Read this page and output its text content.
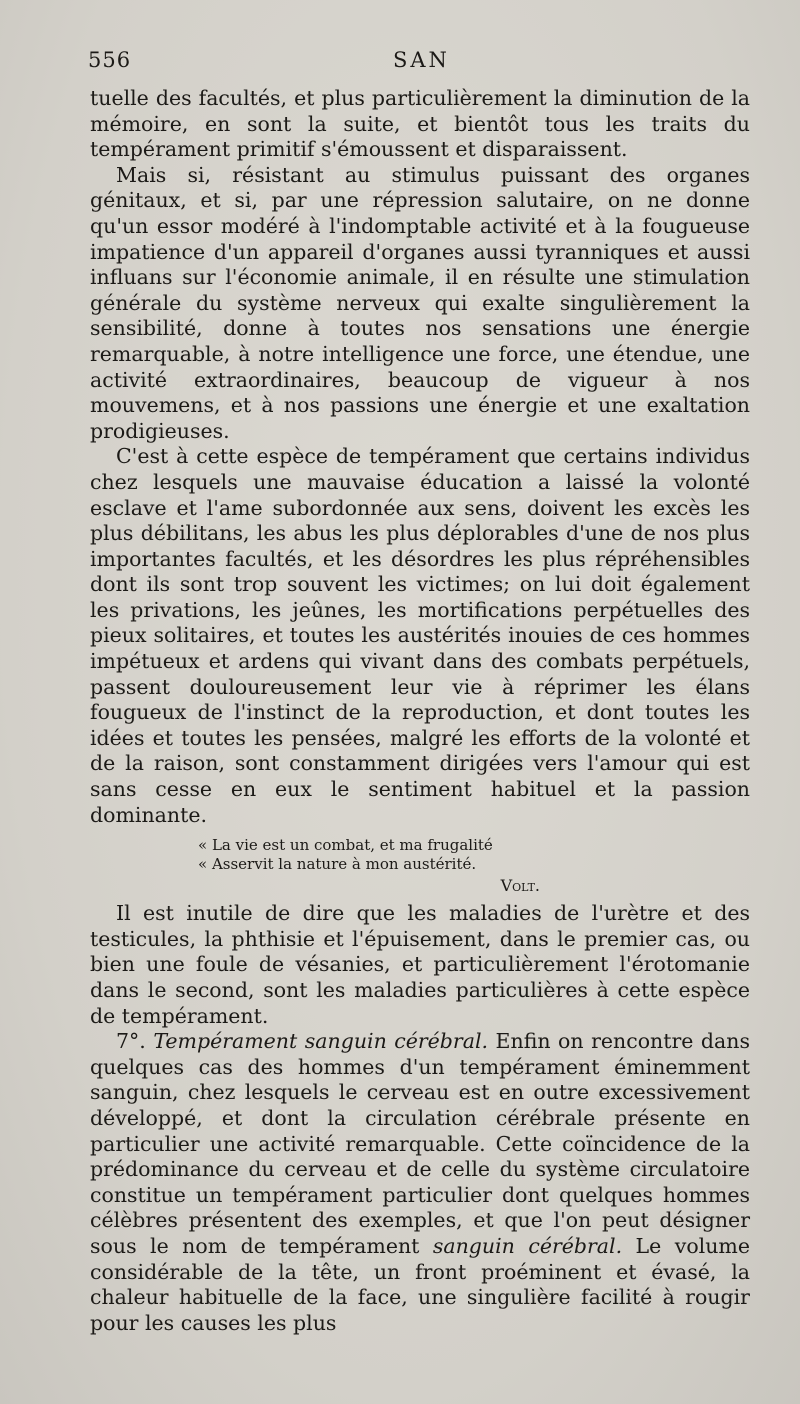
556	SAN

tuelle des facultés, et plus particulièrement la diminution de la mémoire, en sont la suite, et bientôt tous les traits du tempérament primitif s'émoussent et disparaissent.

Mais si, résistant au stimulus puissant des organes génitaux, et si, par une répression salutaire, on ne donne qu'un essor modéré à l'indomptable activité et à la fougueuse impatience d'un appareil d'organes aussi tyranniques et aussi influans sur l'économie animale, il en résulte une stimulation générale du système nerveux qui exalte singulièrement la sensibilité, donne à toutes nos sensations une énergie remarquable, à notre intelligence une force, une étendue, une activité extraordinaires, beaucoup de vigueur à nos mouvemens, et à nos passions une énergie et une exaltation prodigieuses.

C'est à cette espèce de tempérament que certains individus chez lesquels une mauvaise éducation a laissé la volonté esclave et l'ame subordonnée aux sens, doivent les excès les plus débilitans, les abus les plus déplorables d'une de nos plus importantes facultés, et les désordres les plus répréhensibles dont ils sont trop souvent les victimes; on lui doit également les privations, les jeûnes, les mortifications perpétuelles des pieux solitaires, et toutes les austérités inouies de ces hommes impétueux et ardens qui vivant dans des combats perpétuels, passent douloureusement leur vie à réprimer les élans fougueux de l'instinct de la reproduction, et dont toutes les idées et toutes les pensées, malgré les efforts de la volonté et de la raison, sont constamment dirigées vers l'amour qui est sans cesse en eux le sentiment habituel et la passion dominante.

« La vie est un combat, et ma frugalité
« Asservit la nature à mon austérité.
Volt.

Il est inutile de dire que les maladies de l'urètre et des testicules, la phthisie et l'épuisement, dans le premier cas, ou bien une foule de vésanies, et particulièrement l'érotomanie dans le second, sont les maladies particulières à cette espèce de tempérament.

7°. Tempérament sanguin cérébral. Enfin on rencontre dans quelques cas des hommes d'un tempérament éminemment sanguin, chez lesquels le cerveau est en outre excessivement développé, et dont la circulation cérébrale présente en particulier une activité remarquable. Cette coïncidence de la prédominance du cerveau et de celle du système circulatoire constitue un tempérament particulier dont quelques hommes célèbres présentent des exemples, et que l'on peut désigner sous le nom de tempérament sanguin cérébral. Le volume considérable de la tête, un front proéminent et évasé, la chaleur habituelle de la face, une singulière facilité à rougir pour les causes les plus
